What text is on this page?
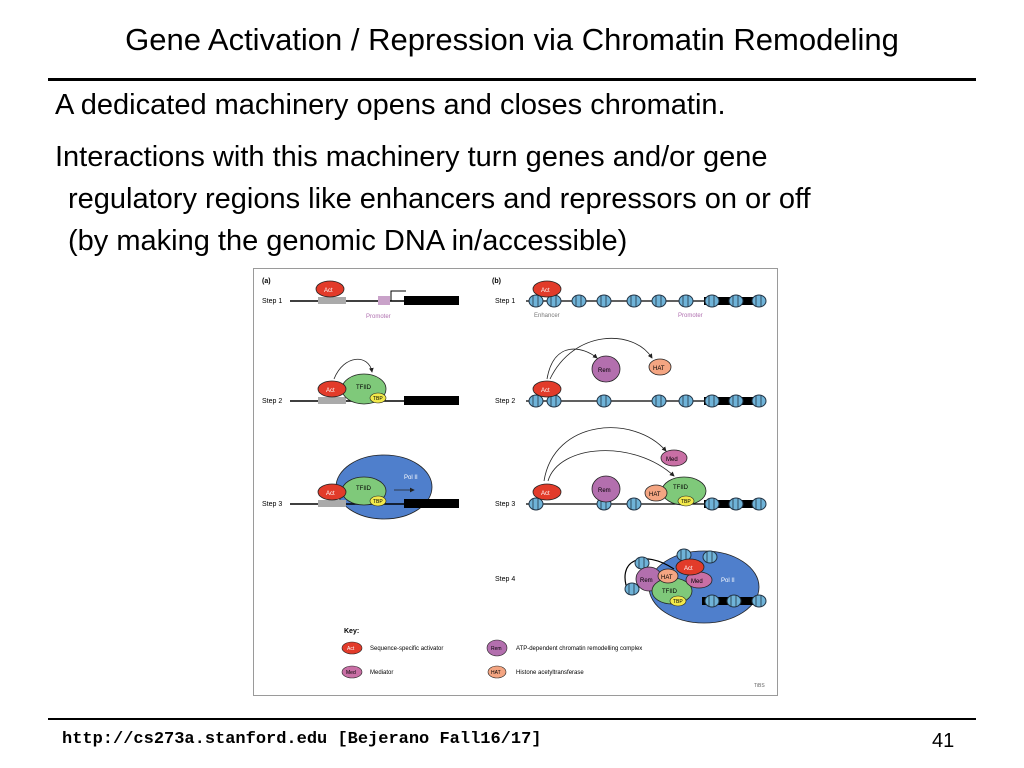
Gene Activation / Repression via Chromatin Remodeling
A dedicated machinery opens and closes chromatin.
Interactions with this machinery turn genes and/or gene
regulatory regions like enhancers and repressors on or off
(by making the genomic DNA in/accessible)
(a)	(b)
Step 1
Act
Promoter
Step 2
TFIID
TBP
Act
Step 3
Pol II
TFIID
TBP
Act
Step 1
Act
Enhancer	Promoter
Step 2
Act
Rem	HAT
Step 3
TFIID
TBP
HAT
Rem
Med
Act
Step 4	Pol II
Rem
TFIID
TBP
HAT
Med
Act
Key:
Act	Sequence-specific activator
Med Mediator
Rem ATP-dependent chromatin remodelling complex
HAT	Histone acetyltransferase
TiBS
http://cs273a.stanford.edu [Bejerano Fall16/17]	41
